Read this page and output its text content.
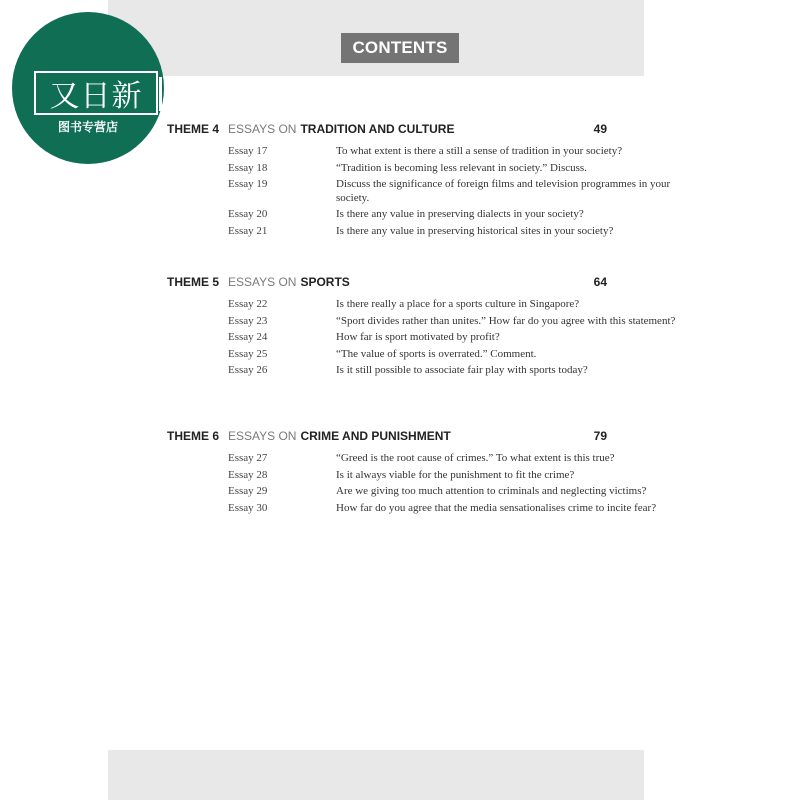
CONTENTS
又日新
图书专营店	THEME 4 ESSAYS ON TRADITION AND CULTURE	49
Essay 17	To what extent is there a still a sense of tradition in your society?
Essay 18	“Tradition is becoming less relevant in society.” Discuss.
Essay 19	Discuss the significance of foreign films and television programmes in your society.
Essay 20	Is there any value in preserving dialects in your society?
Essay 21	Is there any value in preserving historical sites in your society?
THEME 5 ESSAYS ON SPORTS	64
Essay 22	Is there really a place for a sports culture in Singapore?
Essay 23	“Sport divides rather than unites.” How far do you agree with this statement?
Essay 24	How far is sport motivated by profit?
Essay 25	“The value of sports is overrated.” Comment.
Essay 26	Is it still possible to associate fair play with sports today?
THEME 6 ESSAYS ON CRIME AND PUNISHMENT	79
Essay 27	“Greed is the root cause of crimes.” To what extent is this true?
Essay 28	Is it always viable for the punishment to fit the crime?
Essay 29	Are we giving too much attention to criminals and neglecting victims?
Essay 30	How far do you agree that the media sensationalises crime to incite fear?
